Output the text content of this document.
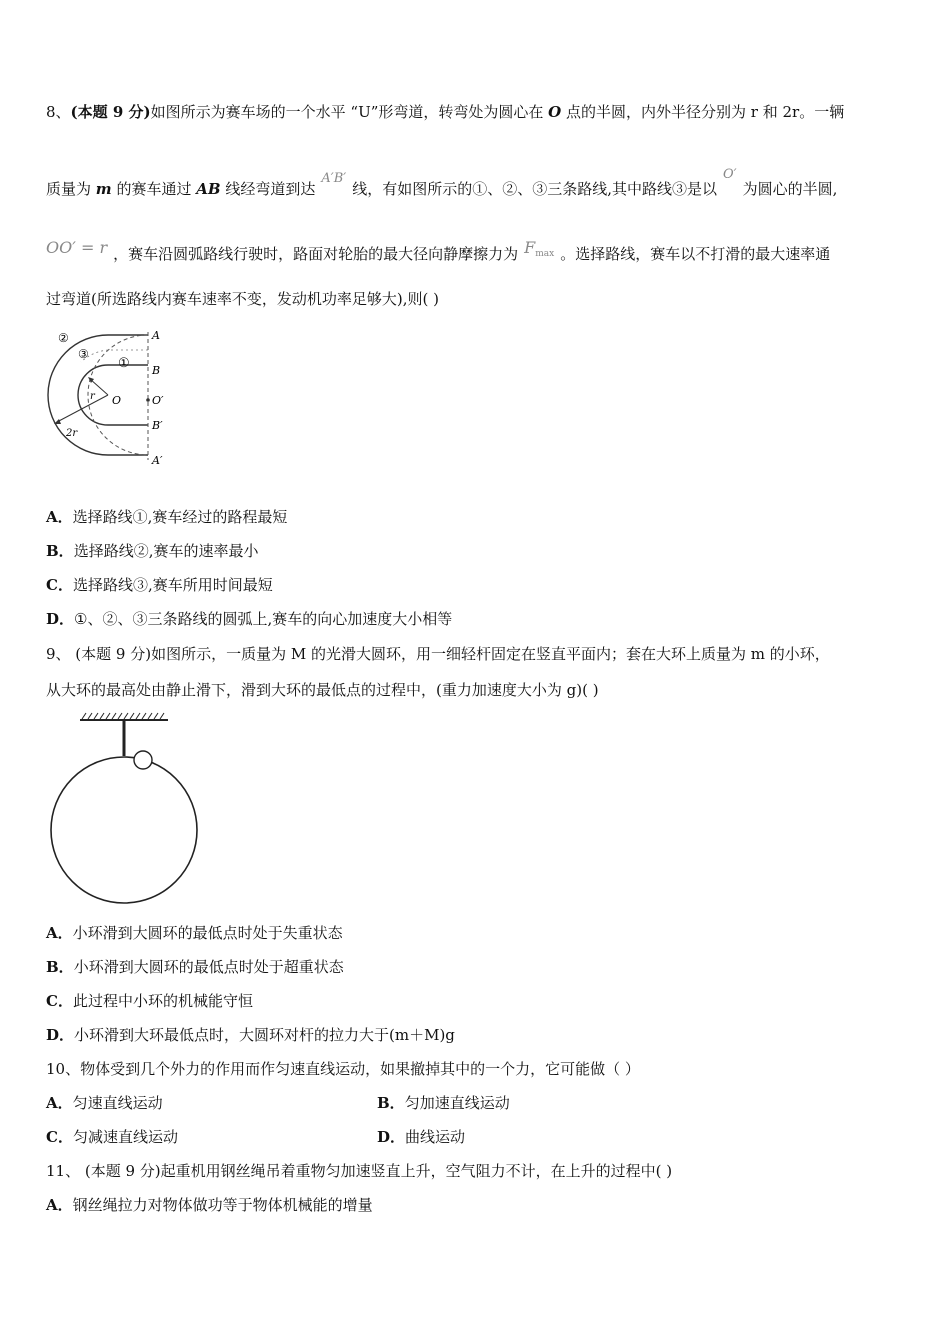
8、(本题 9 分)如图所示为赛车场的一个水平 “U”形弯道，转弯处为圆心在 O 点的半圆，内外半径分别为 r 和 2r。一辆
质量为 m 的赛车通过 AB 线经弯道到达A′B′线，有如图所示的①、②、③三条路线,其中路线③是以O′为圆心的半圆,
OO′ = r ，赛车沿圆弧路线行驶时，路面对轮胎的最大径向静摩擦力为 $F_{max}$ 。选择路线，赛车以不打滑的最大速率通
过弯道(所选路线内赛车速率不变，发动机功率足够大),则( )
②
③
①
A
B
O	O′
B′
A′
r
2r
A．选择路线①,赛车经过的路程最短
B．选择路线②,赛车的速率最小
C．选择路线③,赛车所用时间最短
D．①、②、③三条路线的圆弧上,赛车的向心加速度大小相等
9、 (本题 9 分)如图所示，一质量为 M 的光滑大圆环，用一细轻杆固定在竖直平面内；套在大环上质量为 m 的小环，
从大环的最高处由静止滑下，滑到大环的最低点的过程中，(重力加速度大小为 g)( )
A．小环滑到大圆环的最低点时处于失重状态
B．小环滑到大圆环的最低点时处于超重状态
C．此过程中小环的机械能守恒
D．小环滑到大环最低点时，大圆环对杆的拉力大于(m＋M)g
10、物体受到几个外力的作用而作匀速直线运动，如果撤掉其中的一个力，它可能做（ ）
A．匀速直线运动	B．匀加速直线运动
C．匀减速直线运动	D．曲线运动
11、 (本题 9 分)起重机用钢丝绳吊着重物匀加速竖直上升，空气阻力不计，在上升的过程中( )
A．钢丝绳拉力对物体做功等于物体机械能的增量
